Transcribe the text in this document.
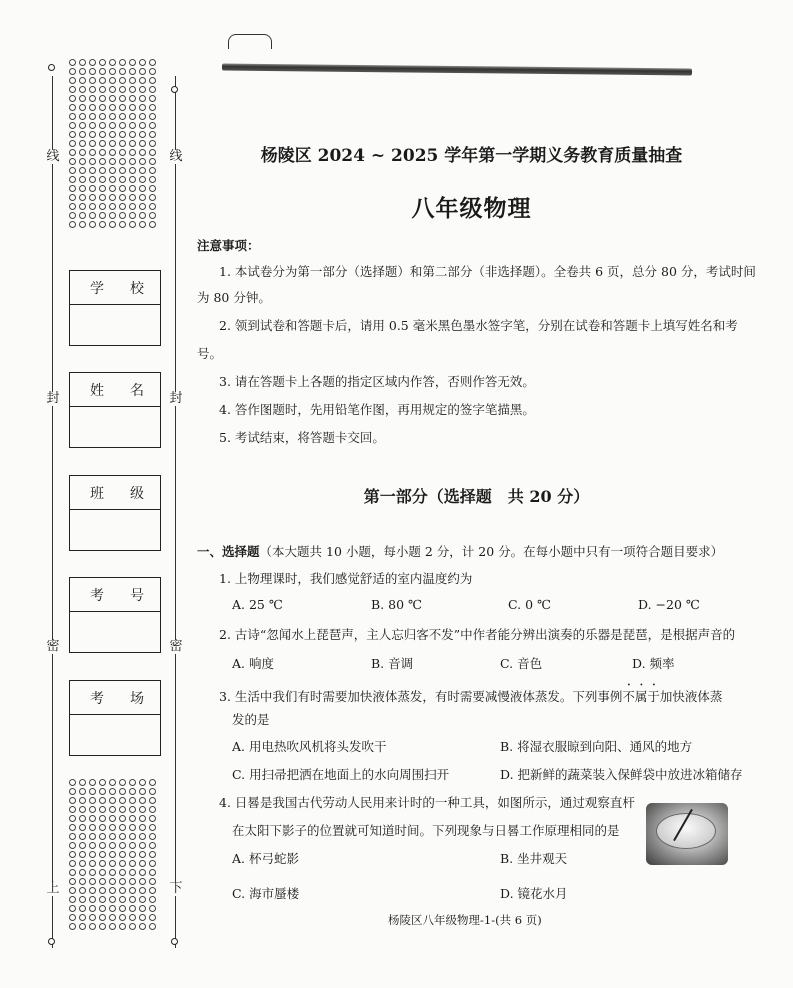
线	线
封	封
密	密
上	下
学 校
姓 名
班 级
考 号
考 场
杨陵区 2024 ~ 2025 学年第一学期义务教育质量抽查
八年级物理
注意事项：
1. 本试卷分为第一部分（选择题）和第二部分（非选择题）。全卷共 6 页，总分 80 分，考试时间
为 80 分钟。
2. 领到试卷和答题卡后，请用 0.5 毫米黑色墨水签字笔，分别在试卷和答题卡上填写姓名和考
号。
3. 请在答题卡上各题的指定区域内作答，否则作答无效。
4. 答作图题时，先用铅笔作图，再用规定的签字笔描黑。
5. 考试结束，将答题卡交回。
第一部分（选择题　共 20 分）
一、选择题（本大题共 10 小题，每小题 2 分，计 20 分。在每小题中只有一项符合题目要求）
1. 上物理课时，我们感觉舒适的室内温度约为
A. 25 ℃	B. 80 ℃	C. 0 ℃	D. −20 ℃
2. 古诗“忽闻水上琵琶声，主人忘归客不发”中作者能分辨出演奏的乐器是琵琶，是根据声音的
A. 响度	B. 音调	C. 音色	D. 频率
3. 生活中我们有时需要加快液体蒸发，有时需要减慢液体蒸发。下列事例不属于加快液体蒸
发的是
A. 用电热吹风机将头发吹干	B. 将湿衣服晾到向阳、通风的地方
C. 用扫帚把洒在地面上的水向周围扫开	D. 把新鲜的蔬菜装入保鲜袋中放进冰箱储存
4. 日晷是我国古代劳动人民用来计时的一种工具，如图所示，通过观察直杆
在太阳下影子的位置就可知道时间。下列现象与日晷工作原理相同的是
A. 杯弓蛇影	B. 坐井观天
C. 海市蜃楼	D. 镜花水月
杨陵区八年级物理-1-(共 6 页)
